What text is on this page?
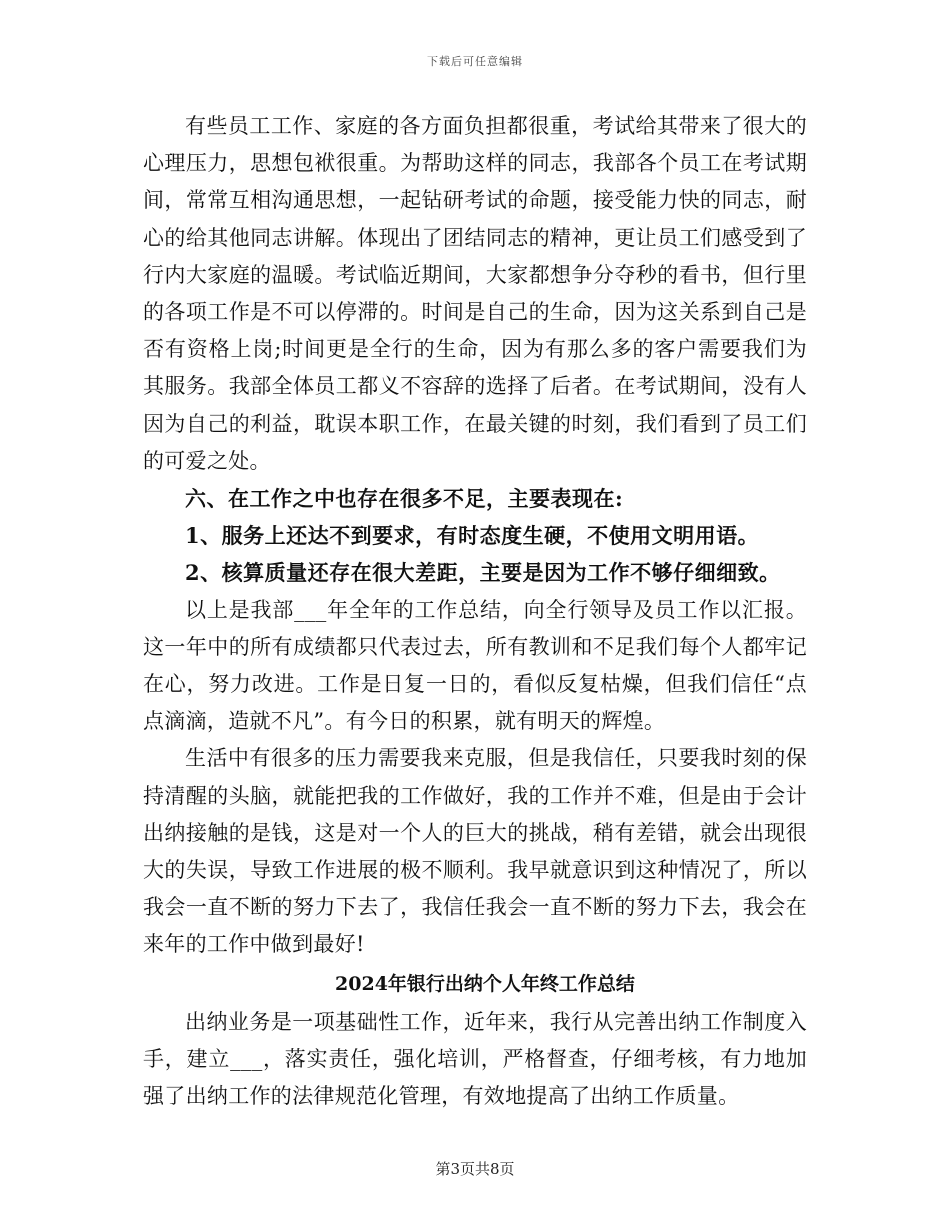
下载后可任意编辑

有些员工工作、家庭的各方面负担都很重，考试给其带来了很大的心理压力，思想包袱很重。为帮助这样的同志，我部各个员工在考试期间，常常互相沟通思想，一起钻研考试的命题，接受能力快的同志，耐心的给其他同志讲解。体现出了团结同志的精神，更让员工们感受到了行内大家庭的温暖。考试临近期间，大家都想争分夺秒的看书，但行里的各项工作是不可以停滞的。时间是自己的生命，因为这关系到自己是否有资格上岗;时间更是全行的生命，因为有那么多的客户需要我们为其服务。我部全体员工都义不容辞的选择了后者。在考试期间，没有人因为自己的利益，耽误本职工作，在最关键的时刻，我们看到了员工们的可爱之处。

六、在工作之中也存在很多不足，主要表现在:

1、服务上还达不到要求，有时态度生硬，不使用文明用语。

2、核算质量还存在很大差距，主要是因为工作不够仔细细致。

以上是我部___年全年的工作总结，向全行领导及员工作以汇报。这一年中的所有成绩都只代表过去，所有教训和不足我们每个人都牢记在心，努力改进。工作是日复一日的，看似反复枯燥，但我们信任“点点滴滴，造就不凡”。有今日的积累，就有明天的辉煌。

生活中有很多的压力需要我来克服，但是我信任，只要我时刻的保持清醒的头脑，就能把我的工作做好，我的工作并不难，但是由于会计出纳接触的是钱，这是对一个人的巨大的挑战，稍有差错，就会出现很大的失误，导致工作进展的极不顺利。我早就意识到这种情况了，所以我会一直不断的努力下去了，我信任我会一直不断的努力下去，我会在来年的工作中做到最好!

2024年银行出纳个人年终工作总结

出纳业务是一项基础性工作，近年来，我行从完善出纳工作制度入手，建立___，落实责任，强化培训，严格督查，仔细考核，有力地加强了出纳工作的法律规范化管理，有效地提高了出纳工作质量。

第3页共8页
